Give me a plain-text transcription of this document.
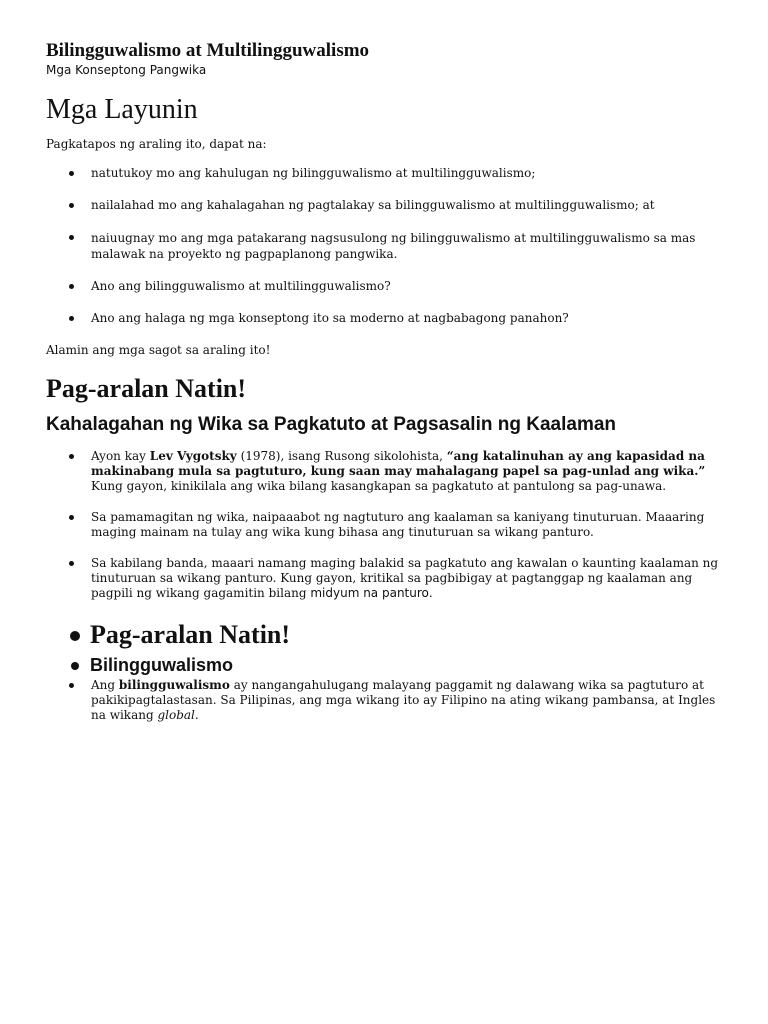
Bilingguwalismo at Multilingguwalismo

Mga Konseptong Pangwika

Mga Layunin

Pagkatapos ng araling ito, dapat na:

natutukoy mo ang kahulugan ng bilingguwalismo at multilingguwalismo;
nailalahad mo ang kahalagahan ng pagtalakay sa bilingguwalismo at multilingguwalismo; at
naiuugnay mo ang mga patakarang nagsusulong ng bilingguwalismo at multilingguwalismo sa mas malawak na proyekto ng pagpaplanong pangwika.
Ano ang bilingguwalismo at multilingguwalismo?
Ano ang halaga ng mga konseptong ito sa moderno at nagbabagong panahon?

Alamin ang mga sagot sa araling ito!

Pag-aralan Natin!
Kahalagahan ng Wika sa Pagkatuto at Pagsasalin ng Kaalaman
Ayon kay Lev Vygotsky (1978), isang Rusong sikolohista, “ang katalinuhan ay ang kapasidad na makinabang mula sa pagtuturo, kung saan may mahalagang papel sa pag-unlad ang wika.” Kung gayon, kinikilala ang wika bilang kasangkapan sa pagkatuto at pantulong sa pag-unawa.
Sa pamamagitan ng wika, naipaaabot ng nagtuturo ang kaalaman sa kaniyang tinuturuan. Maaaring maging mainam na tulay ang wika kung bihasa ang tinuturuan sa wikang panturo.
Sa kabilang banda, maaari namang maging balakid sa pagkatuto ang kawalan o kaunting kaalaman ng tinuturuan sa wikang panturo. Kung gayon, kritikal sa pagbibigay at pagtanggap ng kaalaman ang pagpili ng wikang gagamitin bilang midyum na panturo.
Pag-aralan Natin!
Bilingguwalismo
Ang bilingguwalismo ay nangangahulugang malayang paggamit ng dalawang wika sa pagtuturo at pakikipagtalastasan. Sa Pilipinas, ang mga wikang ito ay Filipino na ating wikang pambansa, at Ingles na wikang global.
